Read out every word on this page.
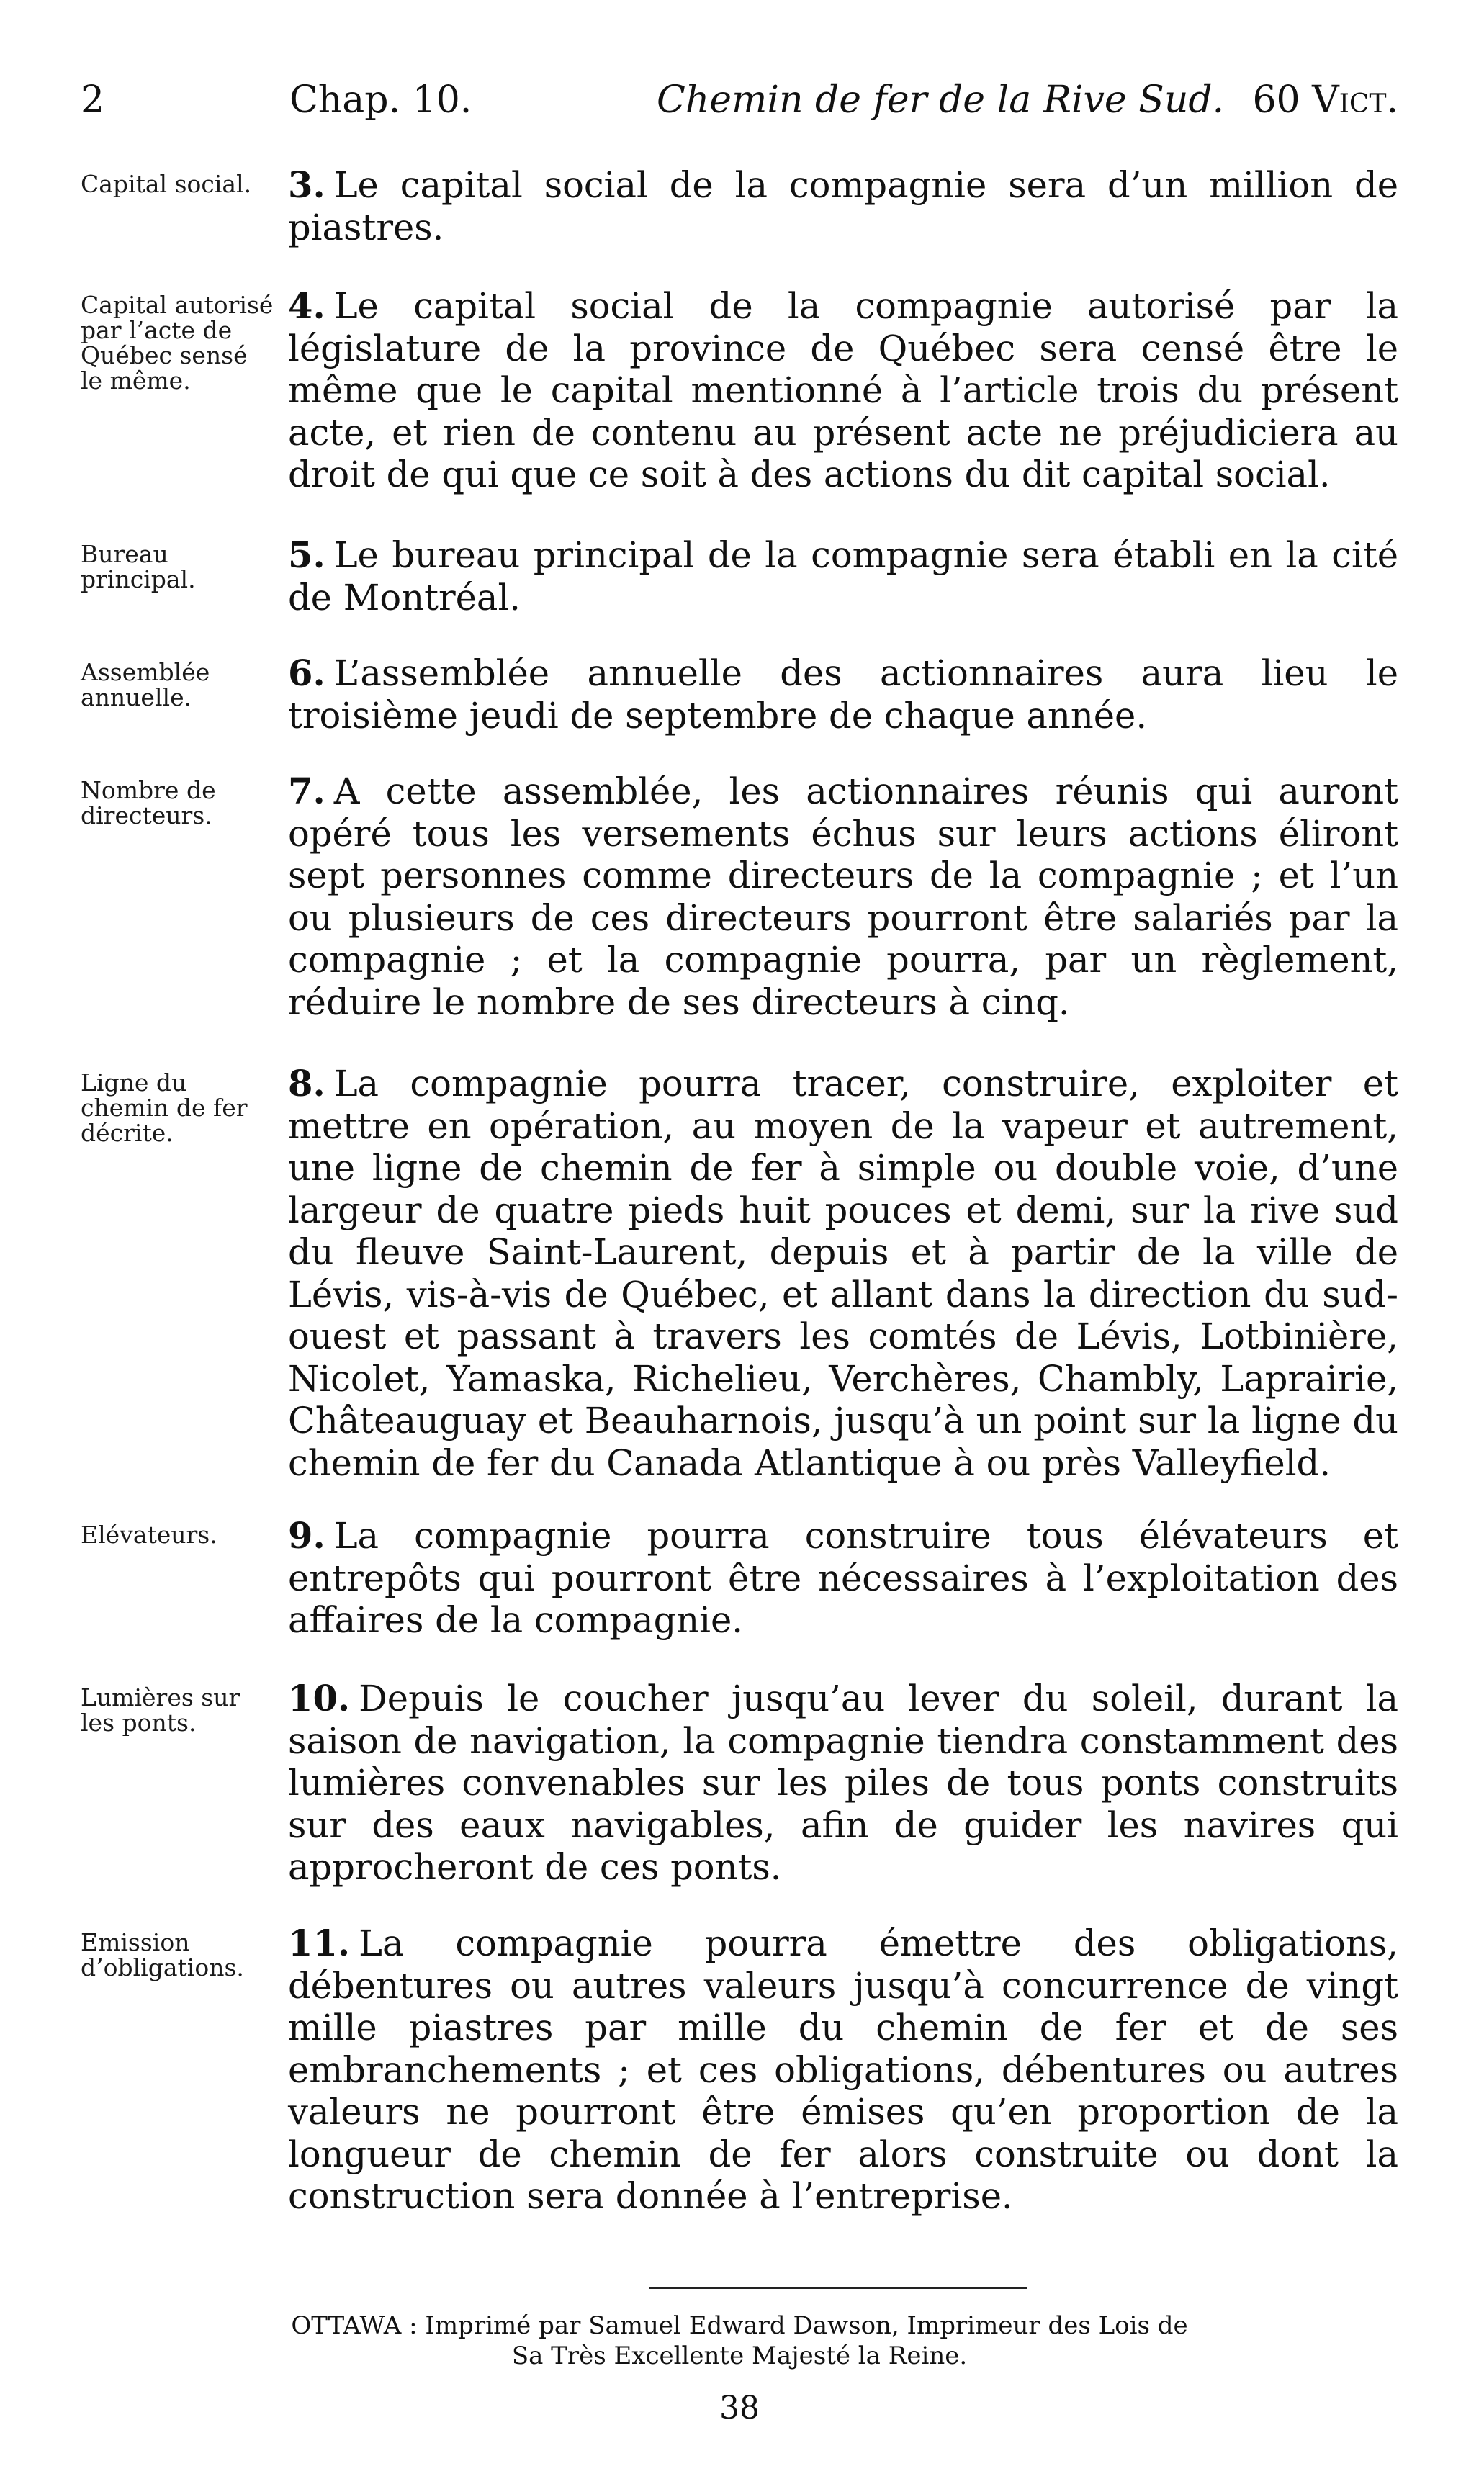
2	Chap. 10.	Chemin de fer de la Rive Sud. 60 Vict.
Capital social.	3. Le capital social de la compagnie sera d’un million de piastres.
Capital autorisé par l’acte de Québec sensé le même.
4. Le capital social de la compagnie autorisé par la législature de la province de Québec sera censé être le même que le capital mentionné à l’article trois du présent acte, et rien de contenu au présent acte ne préjudiciera au droit de qui que ce soit à des actions du dit capital social.
Bureau principal.
5. Le bureau principal de la compagnie sera établi en la cité de Montréal.
Assemblée annuelle.
6. L’assemblée annuelle des actionnaires aura lieu le troisième jeudi de septembre de chaque année.
Nombre de directeurs.
7. A cette assemblée, les actionnaires réunis qui auront opéré tous les versements échus sur leurs actions éliront sept personnes comme directeurs de la compagnie ; et l’un ou plusieurs de ces directeurs pourront être salariés par la compagnie ; et la compagnie pourra, par un règlement, réduire le nombre de ses directeurs à cinq.
Ligne du chemin de fer décrite.
8. La compagnie pourra tracer, construire, exploiter et mettre en opération, au moyen de la vapeur et autrement, une ligne de chemin de fer à simple ou double voie, d’une largeur de quatre pieds huit pouces et demi, sur la rive sud du fleuve Saint-Laurent, depuis et à partir de la ville de Lévis, vis-à-vis de Québec, et allant dans la direction du sud-ouest et passant à travers les comtés de Lévis, Lotbinière, Nicolet, Yamaska, Richelieu, Verchères, Chambly, Laprairie, Châteauguay et Beauharnois, jusqu’à un point sur la ligne du chemin de fer du Canada Atlantique à ou près Valleyfield.
Elévateurs.	9. La compagnie pourra construire tous élévateurs et entrepôts qui pourront être nécessaires à l’exploitation des affaires de la compagnie.
Lumières sur les ponts.
10. Depuis le coucher jusqu’au lever du soleil, durant la saison de navigation, la compagnie tiendra constamment des lumières convenables sur les piles de tous ponts construits sur des eaux navigables, afin de guider les navires qui approcheront de ces ponts.
Emission d’obligations.
11. La compagnie pourra émettre des obligations, débentures ou autres valeurs jusqu’à concurrence de vingt mille piastres par mille du chemin de fer et de ses embranchements ; et ces obligations, débentures ou autres valeurs ne pourront être émises qu’en proportion de la longueur de chemin de fer alors construite ou dont la construction sera donnée à l’entreprise.
OTTAWA : Imprimé par Samuel Edward Dawson, Imprimeur des Lois de
Sa Très Excellente Majesté la Reine.
38
